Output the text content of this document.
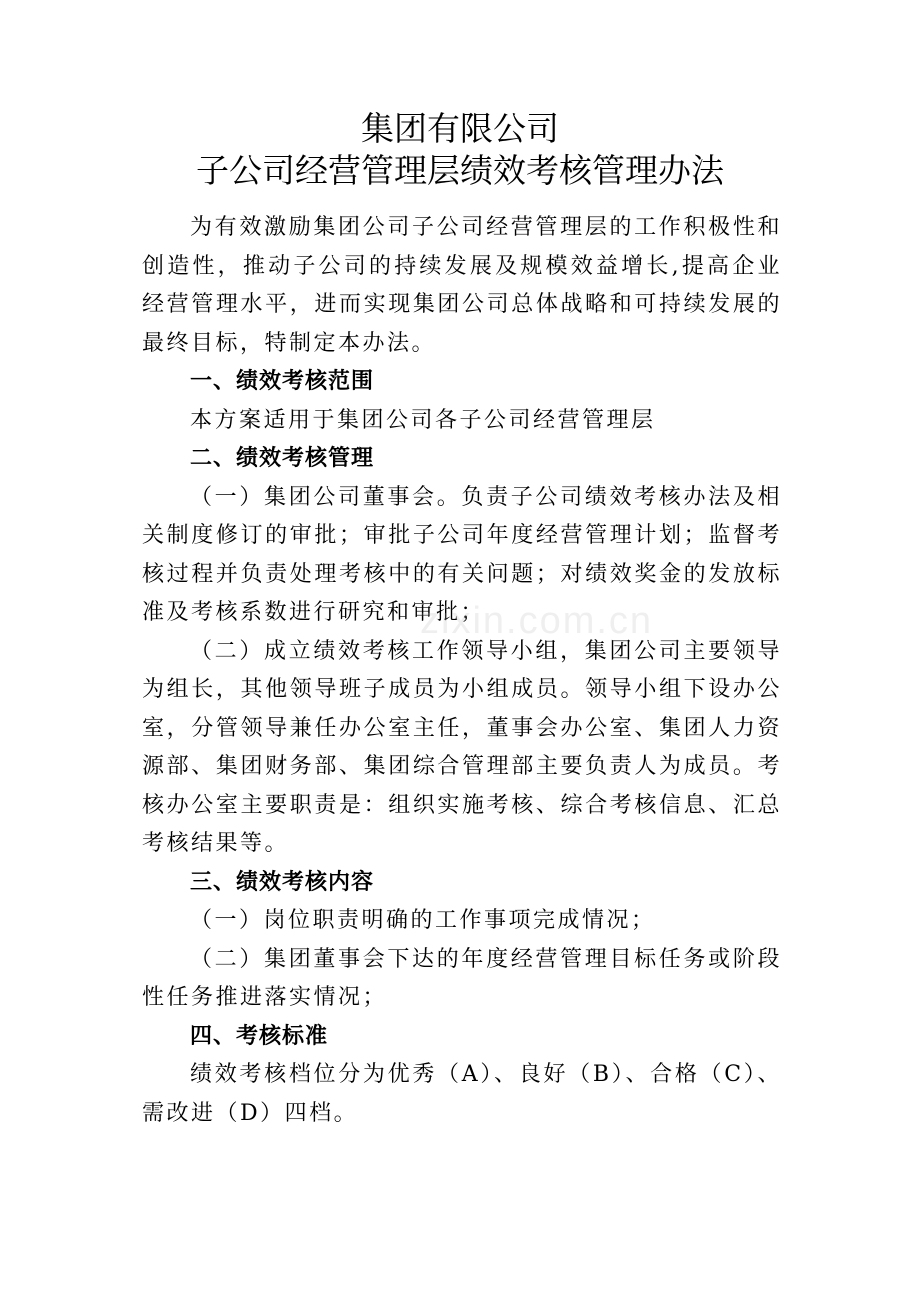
集团有限公司
子公司经营管理层绩效考核管理办法

为有效激励集团公司子公司经营管理层的工作积极性和创造性，推动子公司的持续发展及规模效益增长,提高企业经营管理水平，进而实现集团公司总体战略和可持续发展的最终目标，特制定本办法。

一、绩效考核范围

本方案适用于集团公司各子公司经营管理层

二、绩效考核管理

（一）集团公司董事会。负责子公司绩效考核办法及相关制度修订的审批；审批子公司年度经营管理计划；监督考核过程并负责处理考核中的有关问题；对绩效奖金的发放标准及考核系数进行研究和审批；

（二）成立绩效考核工作领导小组，集团公司主要领导为组长，其他领导班子成员为小组成员。领导小组下设办公室，分管领导兼任办公室主任，董事会办公室、集团人力资源部、集团财务部、集团综合管理部主要负责人为成员。考核办公室主要职责是：组织实施考核、综合考核信息、汇总考核结果等。

三、绩效考核内容

（一）岗位职责明确的工作事项完成情况；

（二）集团董事会下达的年度经营管理目标任务或阶段性任务推进落实情况；

四、考核标准

绩效考核档位分为优秀（A）、良好（B）、合格（C）、需改进（D）四档。

zixin.com.cn
